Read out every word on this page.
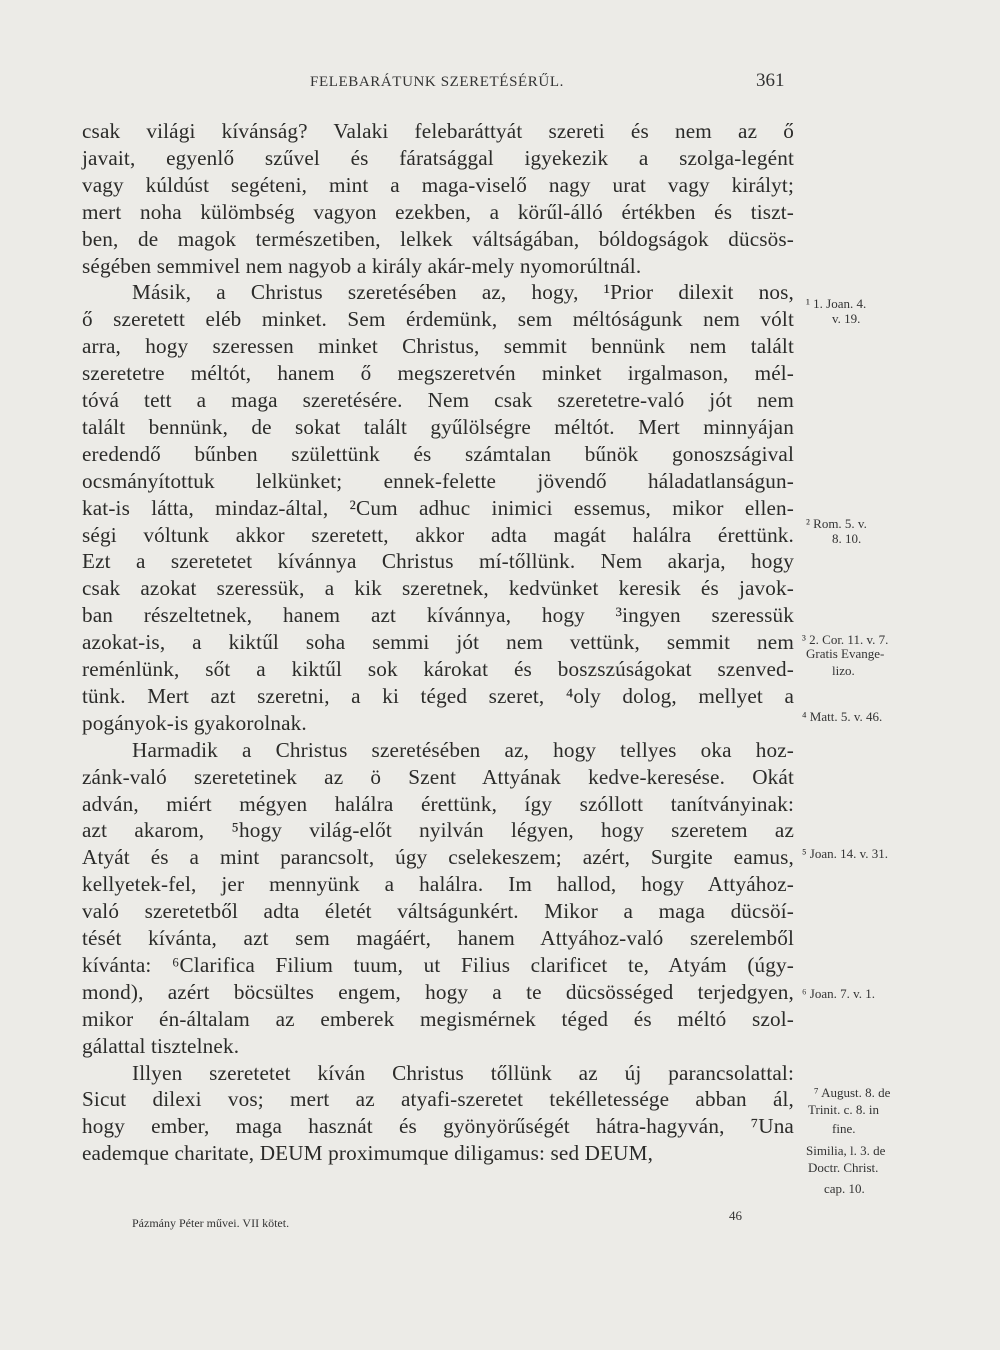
FELEBARÁTUNK SZERETÉSÉRŰL.	361
csak világi kívánság? Valaki felebaráttyát szereti és nem az ő
javait, egyenlő szűvel és fáratsággal igyekezik a szolga-legént
vagy kúldúst segéteni, mint a maga-viselő nagy urat vagy királyt;
mert noha külömbség vagyon ezekben, a körűl-álló értékben és tiszt-
ben, de magok természetiben, lelkek váltságában, bóldogságok dücsös-
ségében semmivel nem nagyob a király akár-mely nyomorúltnál.
Másik, a Christus szeretésében az, hogy, ¹Prior dilexit nos,
ő szeretett eléb minket. Sem érdemünk, sem méltóságunk nem vólt
arra, hogy szeressen minket Christus, semmit bennünk nem talált
szeretetre méltót, hanem ő megszeretvén minket irgalmason, mél-
tóvá tett a maga szeretésére. Nem csak szeretetre-való jót nem
talált bennünk, de sokat talált gyűlölségre méltót. Mert minnyájan
eredendő bűnben születtünk és számtalan bűnök gonoszságival
ocsmányítottuk lelkünket; ennek-felette jövendő háladatlanságun-
kat-is látta, mindaz-által, ²Cum adhuc inimici essemus, mikor ellen-
ségi vóltunk akkor szeretett, akkor adta magát halálra érettünk.
Ezt a szeretetet kívánnya Christus mí-tőllünk. Nem akarja, hogy
csak azokat szeressük, a kik szeretnek, kedvünket keresik és javok-
ban részeltetnek, hanem azt kívánnya, hogy ³ingyen szeressük
azokat-is, a kiktűl soha semmi jót nem vettünk, semmit nem
reménlünk, sőt a kiktűl sok károkat és boszszúságokat szenved-
tünk. Mert azt szeretni, a ki téged szeret, ⁴oly dolog, mellyet a
pogányok-is gyakorolnak.
Harmadik a Christus szeretésében az, hogy tellyes oka hoz-
zánk-való szeretetinek az ö Szent Attyának kedve-keresése. Okát
adván, miért mégyen halálra érettünk, így szóllott tanítványinak:
azt akarom, ⁵hogy világ-előt nyilván légyen, hogy szeretem az
Atyát és a mint parancsolt, úgy cselekeszem; azért, Surgite eamus,
kellyetek-fel, jer mennyünk a halálra. Im hallod, hogy Attyához-
való szeretetből adta életét váltságunkért. Mikor a maga dücsöí-
tését kívánta, azt sem magáért, hanem Attyához-való szerelemből
kívánta: ⁶Clarifica Filium tuum, ut Filius clarificet te, Atyám (úgy-
mond), azért böcsültes engem, hogy a te dücsösséged terjedgyen,
mikor én-általam az emberek megismérnek téged és méltó szol-
gálattal tisztelnek.
Illyen szeretetet kíván Christus tőllünk az új parancsolattal:
Sicut dilexi vos; mert az atyafi-szeretet tekélletessége abban ál,
hogy ember, maga hasznát és gyönyörűségét hátra-hagyván, ⁷Una
eademque charitate, DEUM proximumque diligamus: sed DEUM,
¹ 1. Joan. 4.
v. 19.
² Rom. 5. v.
8. 10.
³ 2. Cor. 11. v. 7.
Gratis Evange-
lizo.
⁴ Matt. 5. v. 46.
⁵ Joan. 14. v. 31.
⁶ Joan. 7. v. 1.
⁷ August. 8. de
Trinit. c. 8. in
fine.
Similia, l. 3. de
Doctr. Christ.
cap. 10.
Pázmány Péter művei. VII kötet.	46
